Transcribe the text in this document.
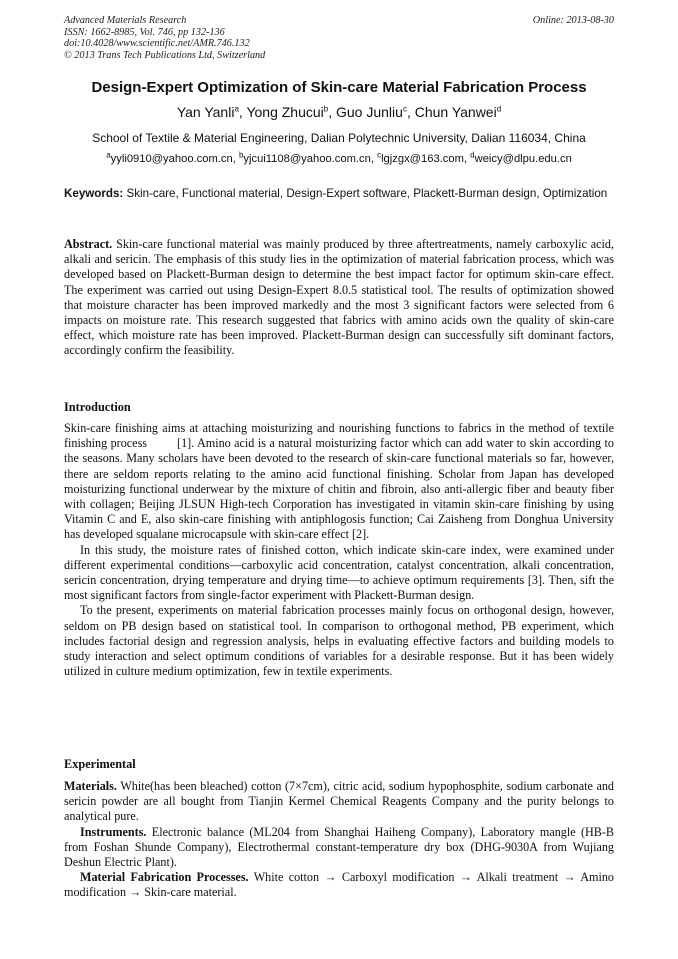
Advanced Materials Research
ISSN: 1662-8985, Vol. 746, pp 132-136
doi:10.4028/www.scientific.net/AMR.746.132
© 2013 Trans Tech Publications Ltd, Switzerland
Online: 2013-08-30
Design-Expert Optimization of Skin-care Material Fabrication Process
Yan Yanli$^a$, Yong Zhucui$^b$, Guo Junliu$^c$, Chun Yanwei$^d$
School of Textile & Material Engineering, Dalian Polytechnic University, Dalian 116034, China
$^a$yyli0910@yahoo.com.cn, $^b$yjcui1108@yahoo.com.cn, $^c$lgjzgx@163.com, $^d$weicy@dlpu.edu.cn
Keywords: Skin-care, Functional material, Design-Expert software, Plackett-Burman design, Optimization

Abstract. Skin-care functional material was mainly produced by three aftertreatments, namely carboxylic acid, alkali and sericin. The emphasis of this study lies in the optimization of material fabrication process, which was developed based on Plackett-Burman design to determine the best impact factor for optimum skin-care effect. The experiment was carried out using Design-Expert 8.0.5 statistical tool. The results of optimization showed that moisture character has been improved markedly and the most 3 significant factors were selected from 6 impacts on moisture rate. This research suggested that fabrics with amino acids own the quality of skin-care effect, which moisture rate has been improved. Plackett-Burman design can successfully sift dominant factors, accordingly confirm the feasibility.

Introduction

Skin-care finishing aims at attaching moisturizing and nourishing functions to fabrics in the method of textile finishing process [1]. Amino acid is a natural moisturizing factor which can add water to skin according to the seasons. Many scholars have been devoted to the research of skin-care functional materials so far, however, there are seldom reports relating to the amino acid functional finishing. Scholar from Japan has developed moisturizing functional underwear by the mixture of chitin and fibroin, also anti-allergic fiber and beauty fiber with collagen; Beijing JLSUN High-tech Corporation has investigated in vitamin skin-care finishing by using Vitamin C and E, also skin-care finishing with antiphlogosis function; Cai Zaisheng from Donghua University has developed squalane microcapsule with skin-care effect [2].

In this study, the moisture rates of finished cotton, which indicate skin-care index, were examined under different experimental conditions—carboxylic acid concentration, catalyst concentration, alkali concentration, sericin concentration, drying temperature and drying time—to achieve optimum requirements [3]. Then, sift the most significant factors from single-factor experiment with Plackett-Burman design.

To the present, experiments on material fabrication processes mainly focus on orthogonal design, however, seldom on PB design based on statistical tool. In comparison to orthogonal method, PB experiment, which includes factorial design and regression analysis, helps in evaluating effective factors and building models to study interaction and select optimum conditions of variables for a desirable response. But it has been widely utilized in culture medium optimization, few in textile experiments.

Experimental

Materials. White(has been bleached) cotton (7×7cm), citric acid, sodium hypophosphite, sodium carbonate and sericin powder are all bought from Tianjin Kermel Chemical Reagents Company and the purity belongs to analytical pure.

Instruments. Electronic balance (ML204 from Shanghai Haiheng Company), Laboratory mangle (HB-B from Foshan Shunde Company), Electrothermal constant-temperature dry box (DHG-9030A from Wujiang Deshun Electric Plant).

Material Fabrication Processes. White cotton → Carboxyl modification → Alkali treatment → Amino modification → Skin-care material.
